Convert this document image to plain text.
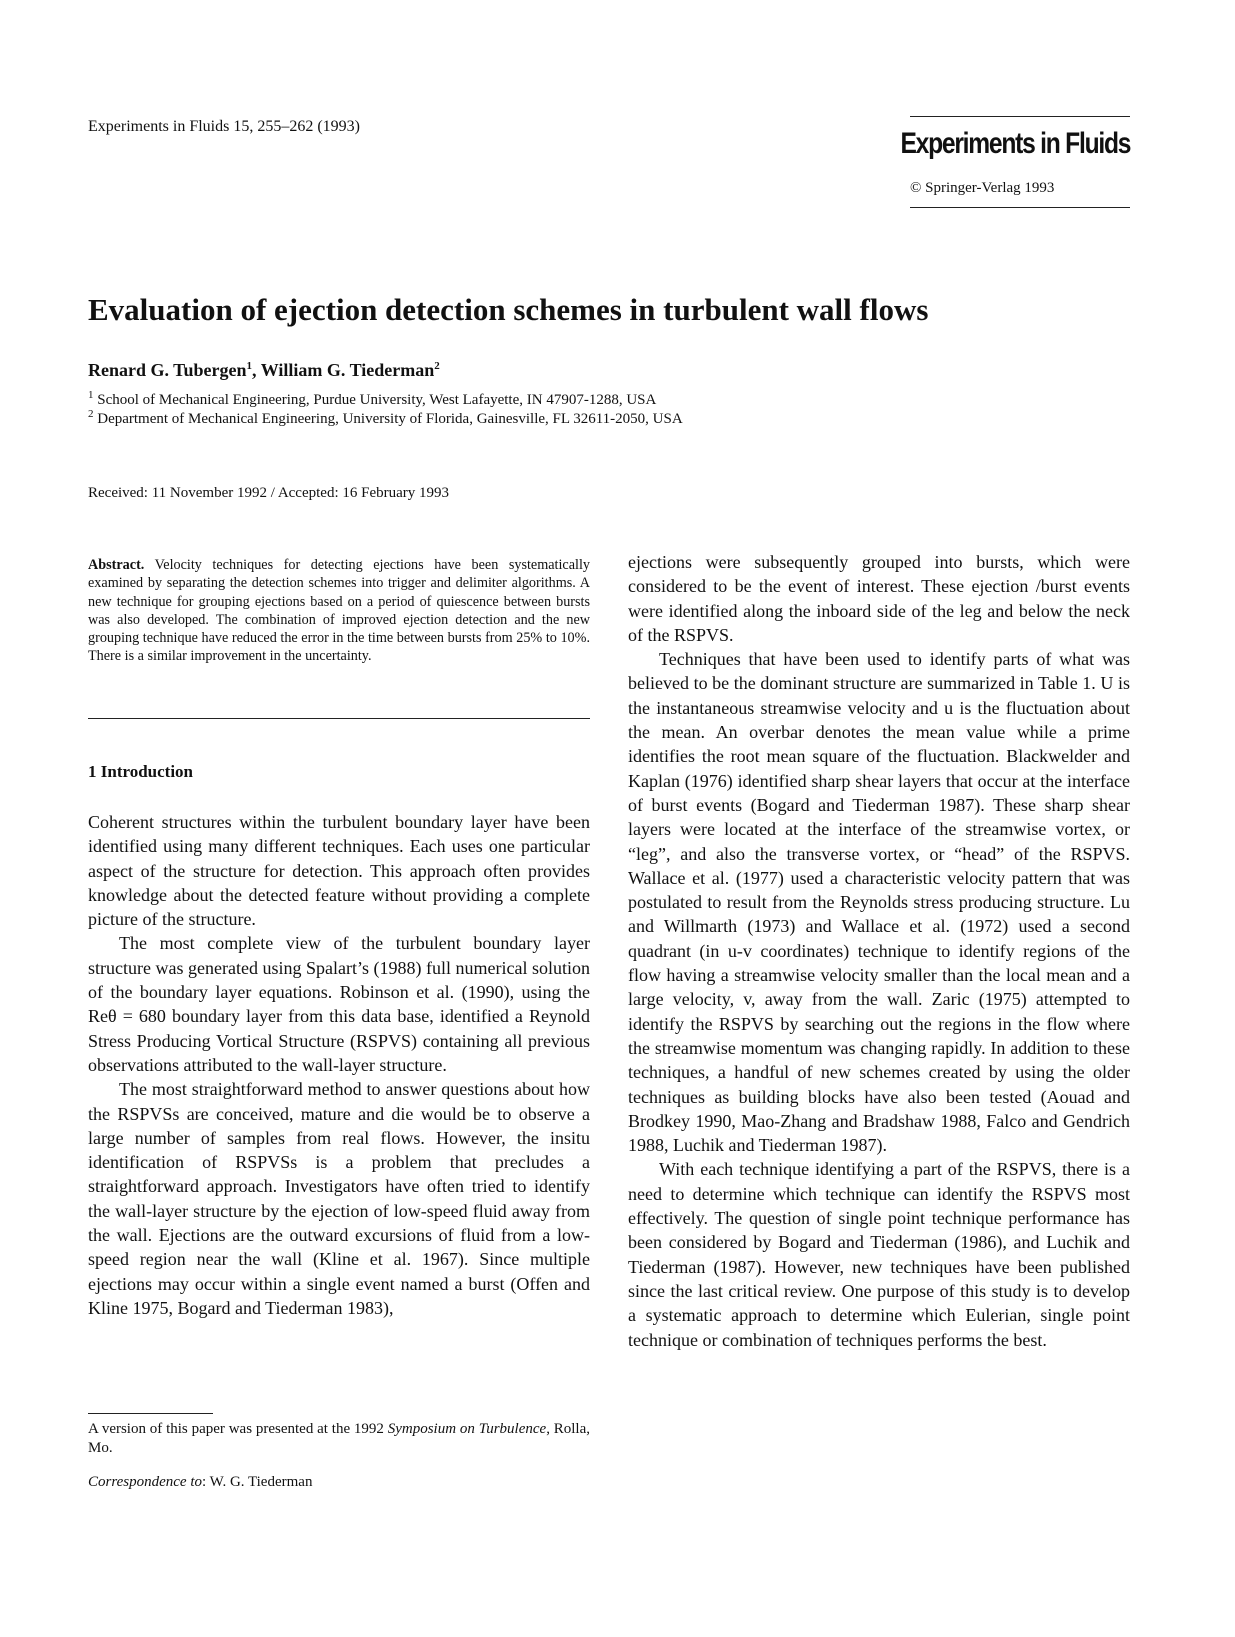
Experiments in Fluids 15, 255–262 (1993)
Experiments in Fluids
© Springer-Verlag 1993
Evaluation of ejection detection schemes in turbulent wall flows
Renard G. Tubergen$^1$, William G. Tiederman$^2$
$^1$ School of Mechanical Engineering, Purdue University, West Lafayette, IN 47907-1288, USA
$^2$ Department of Mechanical Engineering, University of Florida, Gainesville, FL 32611-2050, USA
Received: 11 November 1992 / Accepted: 16 February 1993
Abstract. Velocity techniques for detecting ejections have been systematically examined by separating the detection schemes into trigger and delimiter algorithms. A new technique for grouping ejections based on a period of quiescence between bursts was also developed. The combination of improved ejection detection and the new grouping technique have reduced the error in the time between bursts from 25% to 10%. There is a similar improvement in the uncertainty.
1 Introduction

Coherent structures within the turbulent boundary layer have been identified using many different techniques. Each uses one particular aspect of the structure for detection. This approach often provides knowledge about the detected feature without providing a complete picture of the structure.

The most complete view of the turbulent boundary layer structure was generated using Spalart’s (1988) full numerical solution of the boundary layer equations. Robinson et al. (1990), using the Reθ = 680 boundary layer from this data base, identified a Reynold Stress Producing Vortical Structure (RSPVS) containing all previous observations attributed to the wall-layer structure.

The most straightforward method to answer questions about how the RSPVSs are conceived, mature and die would be to observe a large number of samples from real flows. However, the insitu identification of RSPVSs is a problem that precludes a straightforward approach. Investigators have often tried to identify the wall-layer structure by the ejection of low-speed fluid away from the wall. Ejections are the outward excursions of fluid from a low-speed region near the wall (Kline et al. 1967). Since multiple ejections may occur within a single event named a burst (Offen and Kline 1975, Bogard and Tiederman 1983),

ejections were subsequently grouped into bursts, which were considered to be the event of interest. These ejection /burst events were identified along the inboard side of the leg and below the neck of the RSPVS.

Techniques that have been used to identify parts of what was believed to be the dominant structure are summarized in Table 1. U is the instantaneous streamwise velocity and u is the fluctuation about the mean. An overbar denotes the mean value while a prime identifies the root mean square of the fluctuation. Blackwelder and Kaplan (1976) identified sharp shear layers that occur at the interface of burst events (Bogard and Tiederman 1987). These sharp shear layers were located at the interface of the streamwise vortex, or “leg”, and also the transverse vortex, or “head” of the RSPVS. Wallace et al. (1977) used a characteristic velocity pattern that was postulated to result from the Reynolds stress producing structure. Lu and Willmarth (1973) and Wallace et al. (1972) used a second quadrant (in u-v coordinates) technique to identify regions of the flow having a streamwise velocity smaller than the local mean and a large velocity, v, away from the wall. Zaric (1975) attempted to identify the RSPVS by searching out the regions in the flow where the streamwise momentum was changing rapidly. In addition to these techniques, a handful of new schemes created by using the older techniques as building blocks have also been tested (Aouad and Brodkey 1990, Mao-Zhang and Bradshaw 1988, Falco and Gendrich 1988, Luchik and Tiederman 1987).

With each technique identifying a part of the RSPVS, there is a need to determine which technique can identify the RSPVS most effectively. The question of single point technique performance has been considered by Bogard and Tiederman (1986), and Luchik and Tiederman (1987). However, new techniques have been published since the last critical review. One purpose of this study is to develop a systematic approach to determine which Eulerian, single point technique or combination of techniques performs the best.

A version of this paper was presented at the 1992 Symposium on Turbulence, Rolla, Mo.
Correspondence to: W. G. Tiederman
